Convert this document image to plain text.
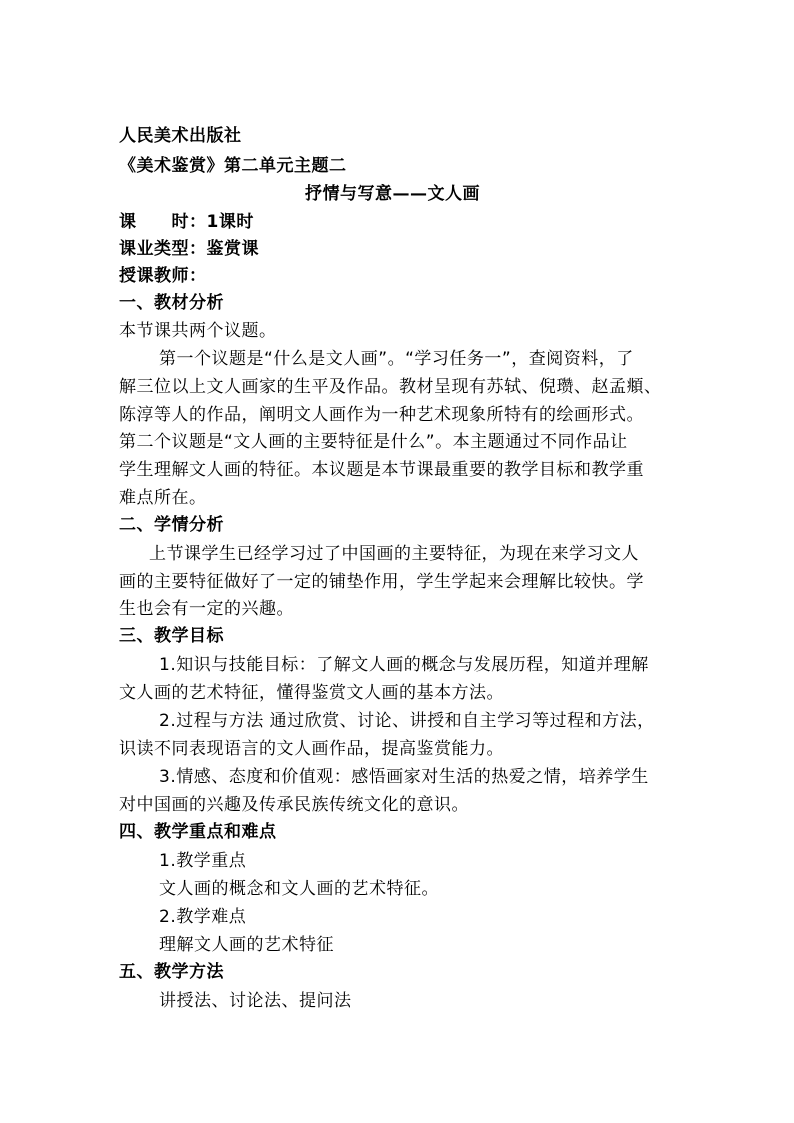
人民美术出版社
《美术鉴赏》第二单元主题二
抒情与写意——文人画
课　　时：1课时
课业类型：鉴赏课
授课教师：
一、教材分析
本节课共两个议题。
第一个议题是“什么是文人画”。“学习任务一”，查阅资料，了
解三位以上文人画家的生平及作品。教材呈现有苏轼、倪瓒、赵孟頫、
陈淳等人的作品，阐明文人画作为一种艺术现象所特有的绘画形式。
第二个议题是“文人画的主要特征是什么”。本主题通过不同作品让
学生理解文人画的特征。本议题是本节课最重要的教学目标和教学重
难点所在。
二、学情分析
上节课学生已经学习过了中国画的主要特征，为现在来学习文人
画的主要特征做好了一定的铺垫作用，学生学起来会理解比较快。学
生也会有一定的兴趣。
三、教学目标
1.知识与技能目标：了解文人画的概念与发展历程，知道并理解
文人画的艺术特征，懂得鉴赏文人画的基本方法。
2.过程与方法 通过欣赏、讨论、讲授和自主学习等过程和方法，
识读不同表现语言的文人画作品，提高鉴赏能力。
3.情感、态度和价值观：感悟画家对生活的热爱之情，培养学生
对中国画的兴趣及传承民族传统文化的意识。
四、教学重点和难点
1.教学重点
文人画的概念和文人画的艺术特征。
2.教学难点
理解文人画的艺术特征
五、教学方法
讲授法、讨论法、提问法
